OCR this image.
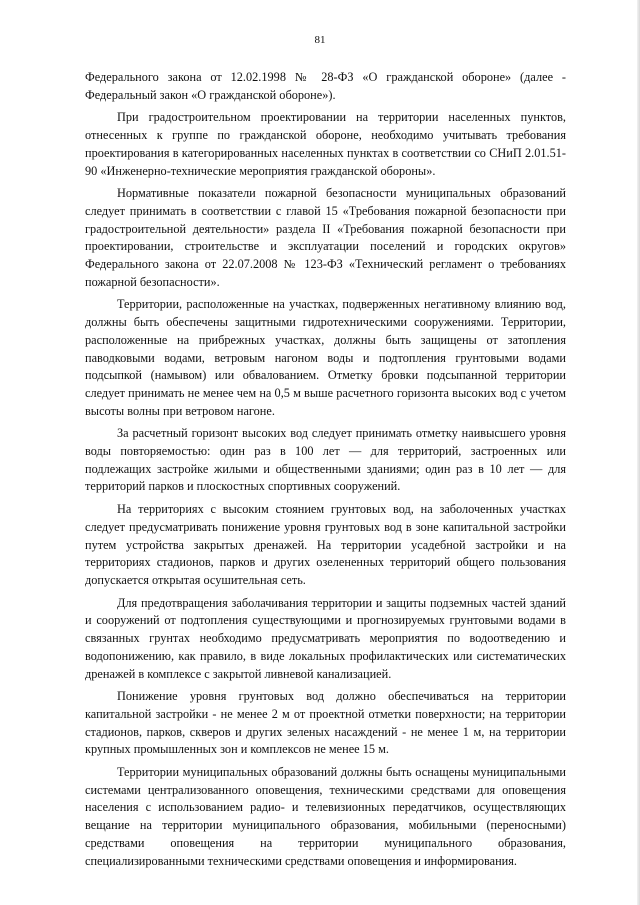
81

Федерального закона от 12.02.1998 № 28-ФЗ «О гражданской обороне» (далее - Федеральный закон «О гражданской обороне»).

При градостроительном проектировании на территории населенных пунктов, отнесенных к группе по гражданской обороне, необходимо учитывать требования проектирования в категорированных населенных пунктах в соответствии со СНиП 2.01.51-90 «Инженерно-технические мероприятия гражданской обороны».

Нормативные показатели пожарной безопасности муниципальных образований следует принимать в соответствии с главой 15 «Требования пожарной безопасности при градостроительной деятельности» раздела II «Требования пожарной безопасности при проектировании, строительстве и эксплуатации поселений и городских округов» Федерального закона от 22.07.2008 № 123-ФЗ «Технический регламент о требованиях пожарной безопасности».

Территории, расположенные на участках, подверженных негативному влиянию вод, должны быть обеспечены защитными гидротехническими сооружениями. Территории, расположенные на прибрежных участках, должны быть защищены от затопления паводковыми водами, ветровым нагоном воды и подтопления грунтовыми водами подсыпкой (намывом) или обвалованием. Отметку бровки подсыпанной территории следует принимать не менее чем на 0,5 м выше расчетного горизонта высоких вод с учетом высоты волны при ветровом нагоне.

За расчетный горизонт высоких вод следует принимать отметку наивысшего уровня воды повторяемостью: один раз в 100 лет — для территорий, застроенных или подлежащих застройке жилыми и общественными зданиями; один раз в 10 лет — для территорий парков и плоскостных спортивных сооружений.

На территориях с высоким стоянием грунтовых вод, на заболоченных участках следует предусматривать понижение уровня грунтовых вод в зоне капитальной застройки путем устройства закрытых дренажей. На территории усадебной застройки и на территориях стадионов, парков и других озелененных территорий общего пользования допускается открытая осушительная сеть.

Для предотвращения заболачивания территории и защиты подземных частей зданий и сооружений от подтопления существующими и прогнозируемых грунтовыми водами в связанных грунтах необходимо предусматривать мероприятия по водоотведению и водопонижению, как правило, в виде локальных профилактических или систематических дренажей в комплексе с закрытой ливневой канализацией.

Понижение уровня грунтовых вод должно обеспечиваться на территории капитальной застройки - не менее 2 м от проектной отметки поверхности; на территории стадионов, парков, скверов и других зеленых насаждений - не менее 1 м, на территории крупных промышленных зон и комплексов не менее 15 м.

Территории муниципальных образований должны быть оснащены муниципальными системами централизованного оповещения, техническими средствами для оповещения населения с использованием радио- и телевизионных передатчиков, осуществляющих вещание на территории муниципального образования, мобильными (переносными) средствами оповещения на территории муниципального образования, специализированными техническими средствами оповещения и информирования.
